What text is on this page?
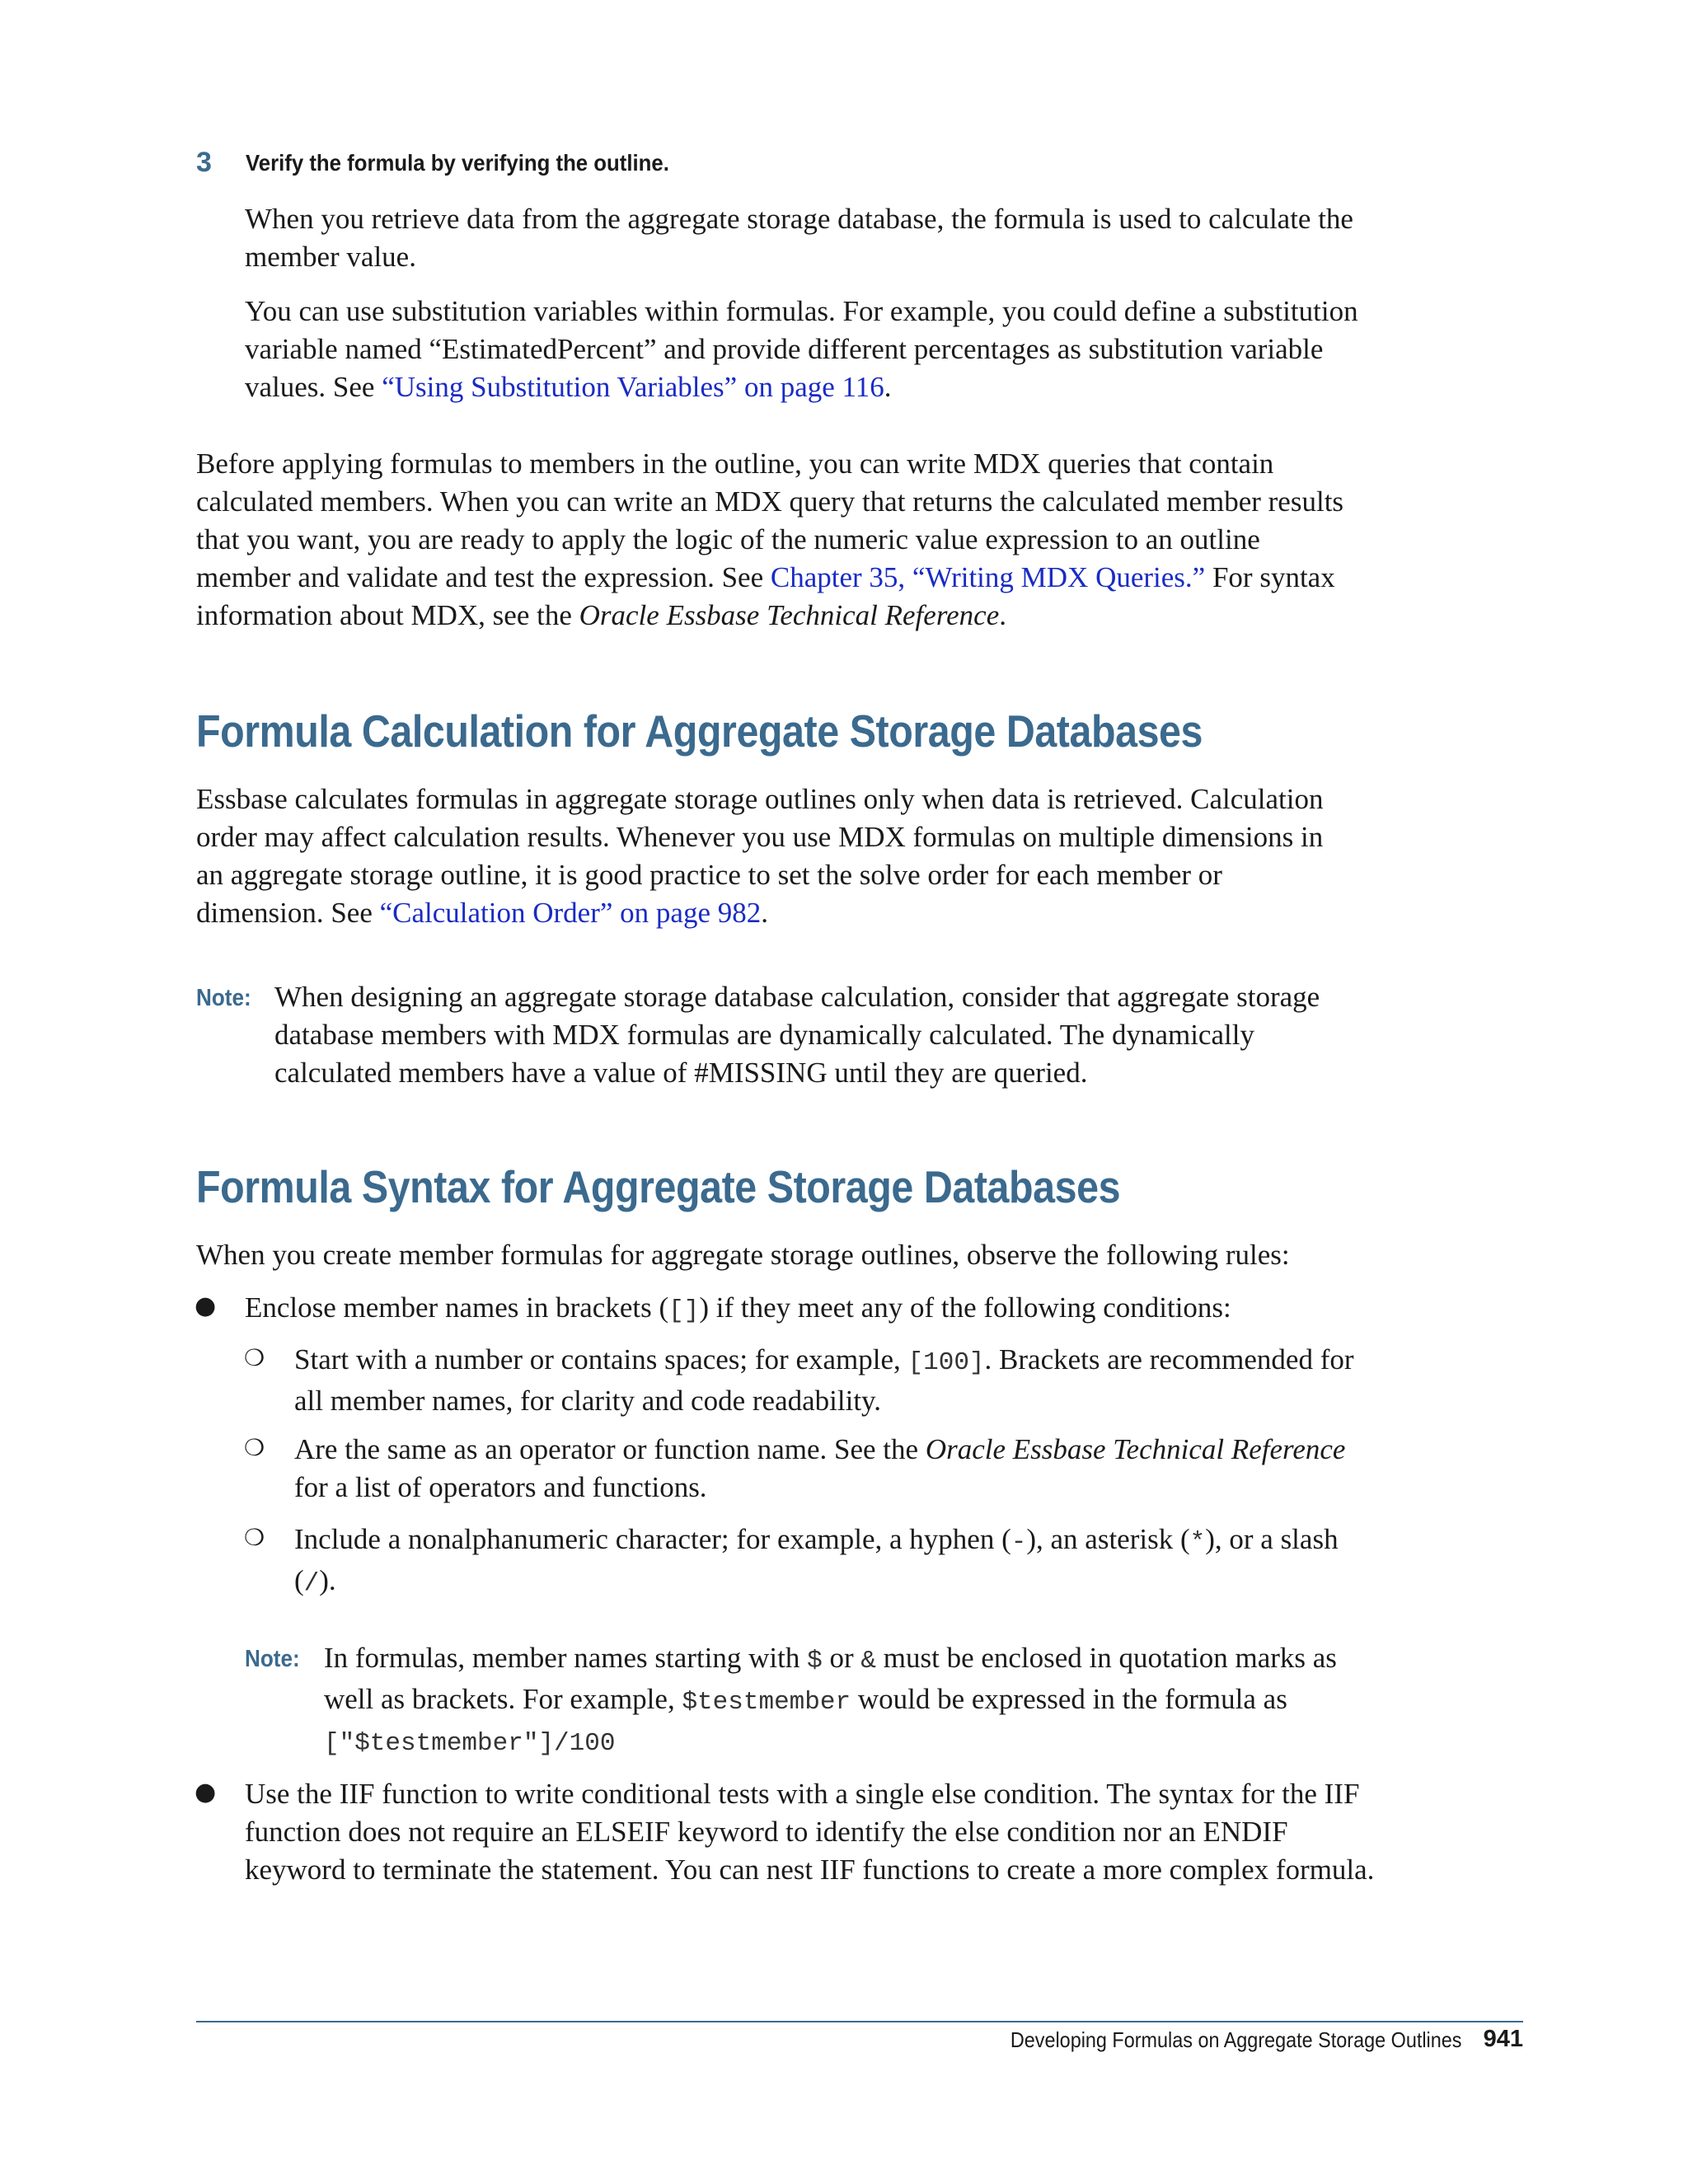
3 Verify the formula by verifying the outline.

When you retrieve data from the aggregate storage database, the formula is used to calculate the member value.

You can use substitution variables within formulas. For example, you could define a substitution variable named “EstimatedPercent” and provide different percentages as substitution variable values. See “Using Substitution Variables” on page 116.

Before applying formulas to members in the outline, you can write MDX queries that contain calculated members. When you can write an MDX query that returns the calculated member results that you want, you are ready to apply the logic of the numeric value expression to an outline member and validate and test the expression. See Chapter 35, “Writing MDX Queries.” For syntax information about MDX, see the Oracle Essbase Technical Reference.

Formula Calculation for Aggregate Storage Databases

Essbase calculates formulas in aggregate storage outlines only when data is retrieved. Calculation order may affect calculation results. Whenever you use MDX formulas on multiple dimensions in an aggregate storage outline, it is good practice to set the solve order for each member or dimension. See “Calculation Order” on page 982.

Note: When designing an aggregate storage database calculation, consider that aggregate storage database members with MDX formulas are dynamically calculated. The dynamically calculated members have a value of #MISSING until they are queried.

Formula Syntax for Aggregate Storage Databases

When you create member formulas for aggregate storage outlines, observe the following rules:

● Enclose member names in brackets ([]) if they meet any of the following conditions:

❍ Start with a number or contains spaces; for example, [100]. Brackets are recommended for all member names, for clarity and code readability.

❍ Are the same as an operator or function name. See the Oracle Essbase Technical Reference for a list of operators and functions.

❍ Include a nonalphanumeric character; for example, a hyphen (-), an asterisk (*), or a slash (/).

Note: In formulas, member names starting with $ or & must be enclosed in quotation marks as well as brackets. For example, $testmember would be expressed in the formula as ["$testmember"]/100

● Use the IIF function to write conditional tests with a single else condition. The syntax for the IIF function does not require an ELSEIF keyword to identify the else condition nor an ENDIF keyword to terminate the statement. You can nest IIF functions to create a more complex formula.

Developing Formulas on Aggregate Storage Outlines 941
